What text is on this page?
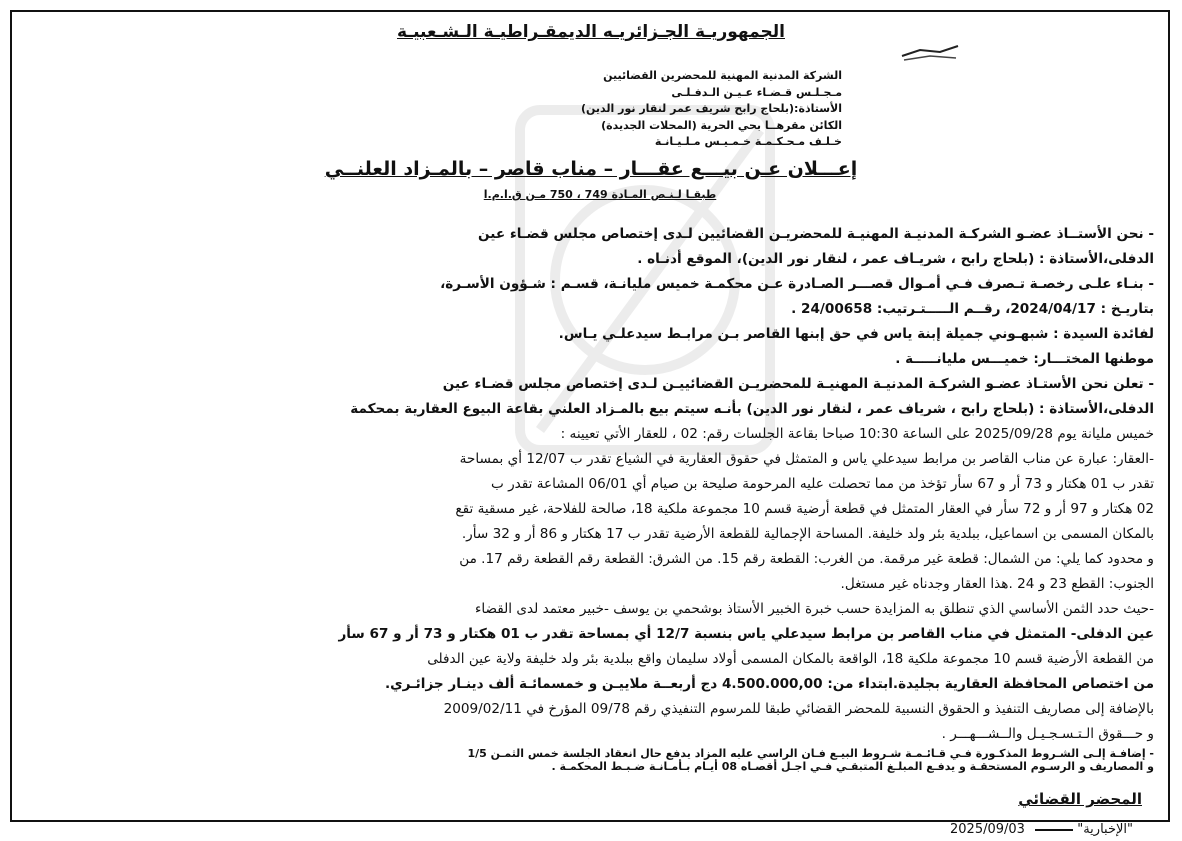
الجمهوريـة الجـزائريـه الديمقـراطيـة الـشـعبيـة
الشركة المدنية المهنية للمحضرين القضائيين
مـجـلـس قـضـاء عـيـن الـدفـلـى
الأستاذة:(بلحاج رابح شريف عمر لنقار نور الدين)
الكائن مقرهــا بحي الحرية (المحلات الجديدة)
خـلـف مـحـكـمـة خـمـيـس مـلـيـانـة
إعـــلان عـن بيـــع عقـــار – مناب قاصر – بالمـزاد العلنــي
طبقـا لـنـص المـادة 749 ، 750 مـن ق.ا.م.ا
- نحن الأستــاذ عضـو الشركـة المدنيـة المهنيـة للمحضريـن القضائيين لـدى إختصاص مجلس قضـاء عين
الدفلى،الأستاذة : (بلحاج رابح ، شريـاف عمر ، لنقار نور الدين)، الموقع أدنـاه .
- بنـاء علـى رخصـة تـصرف فـي أمـوال قصـــر الصـادرة عـن محكمـة خميس مليانـة، قسـم : شـؤون الأسـرة،
بتاريـخ : 2024/04/17، رقــم الـــــتـرتيب: 24/00658 .
لفائدة السيدة : شبهـوني جميلة إبنة ياس في حق إبنها القاصر بـن مرابـط سيدعلـي يـاس.
موطنها المختـــار: خميـــس مليانـــــة .
- تعلن نحن الأستـاذ عضـو الشركـة المدنيـة المهنيـة للمحضريـن القضائييـن لـدى إختصاص مجلس قضـاء عين
الدفلى،الأستاذة : (بلحاج رابح ، شرياف عمر ، لنقار نور الدين) بأنـه سيتم بيع بالمـزاد العلني بقاعة البيوع العقارية بمحكمة
خميس مليانة يوم 2025/09/28 على الساعة 10:30 صباحا بقاعة الجلسات رقم: 02 ، للعقار الأتي تعيينه :
-العقار: عبارة عن مناب القاصر بن مرابط سيدعلي ياس و المتمثل في حقوق العقارية في الشياع تقدر ب 12/07 أي بمساحة
تقدر ب 01 هكتار و 73 أر و 67 سأر تؤخذ من مما تحصلت عليه المرحومة صليحة بن صيام أي 06/01 المشاعة تقدر ب
02 هكتار و 97 أر و 72 سأر في العقار المتمثل في قطعة أرضية قسم 10 مجموعة ملكية 18، صالحة للفلاحة، غير مسقية تقع
بالمكان المسمى بن اسماعيل، ببلدية بئر ولد خليفة. المساحة الإجمالية للقطعة الأرضية تقدر ب 17 هكتار و 86 أر و 32 سأر.
و محدود كما يلي: من الشمال: قطعة غير مرقمة. من الغرب: القطعة رقم 15. من الشرق: القطعة رقم القطعة رقم 17. من
الجنوب: القطع 23 و 24 .هذا العقار وجدناه غير مستغل.
-حيث حدد الثمن الأساسي الذي تنطلق به المزايدة حسب خبرة الخبير الأستاذ بوشحمي بن يوسف -خبير معتمد لدى القضاء
عين الدفلى- المتمثل في مناب القاصر بن مرابط سيدعلي ياس بنسبة 12/7 أي بمساحة تقدر ب 01 هكتار و 73 أر و 67 سأر
من القطعة الأرضية قسم 10 مجموعة ملكية 18، الواقعة بالمكان المسمى أولاد سليمان واقع ببلدية بئر ولد خليفة ولاية عين الدفلى
من اختصاص المحافظة العقارية بجليدة.ابتداء من: 4.500.000,00 دج أربعــة ملاييـن و خمسمائـة ألف دينـار جزائـري.
بالإضافة إلى مصاريف التنفيذ و الحقوق النسبية للمحضر القضائي طبقا للمرسوم التنفيذي رقم 09/78 المؤرخ في 2009/02/11
و حـــقوق الـتـسـجـيـل والــشـــهـــر .
- إضافـة إلـى الشـروط المذكـورة فـي قـائـمـة شـروط البيـع فـان الراسي عليه المزاد يدفع حال انعقاد الجلسة خمس الثمـن 1/5
و المصاريف و الرسـوم المستحقـة و يدفـع المبلـغ المتبقـي فـي اجـل أقصـاه 08 أيـام بـأمـانـة ضـبـط المحكمـة .
المحضر القضائي
2025/09/03	"الإخبارية"
